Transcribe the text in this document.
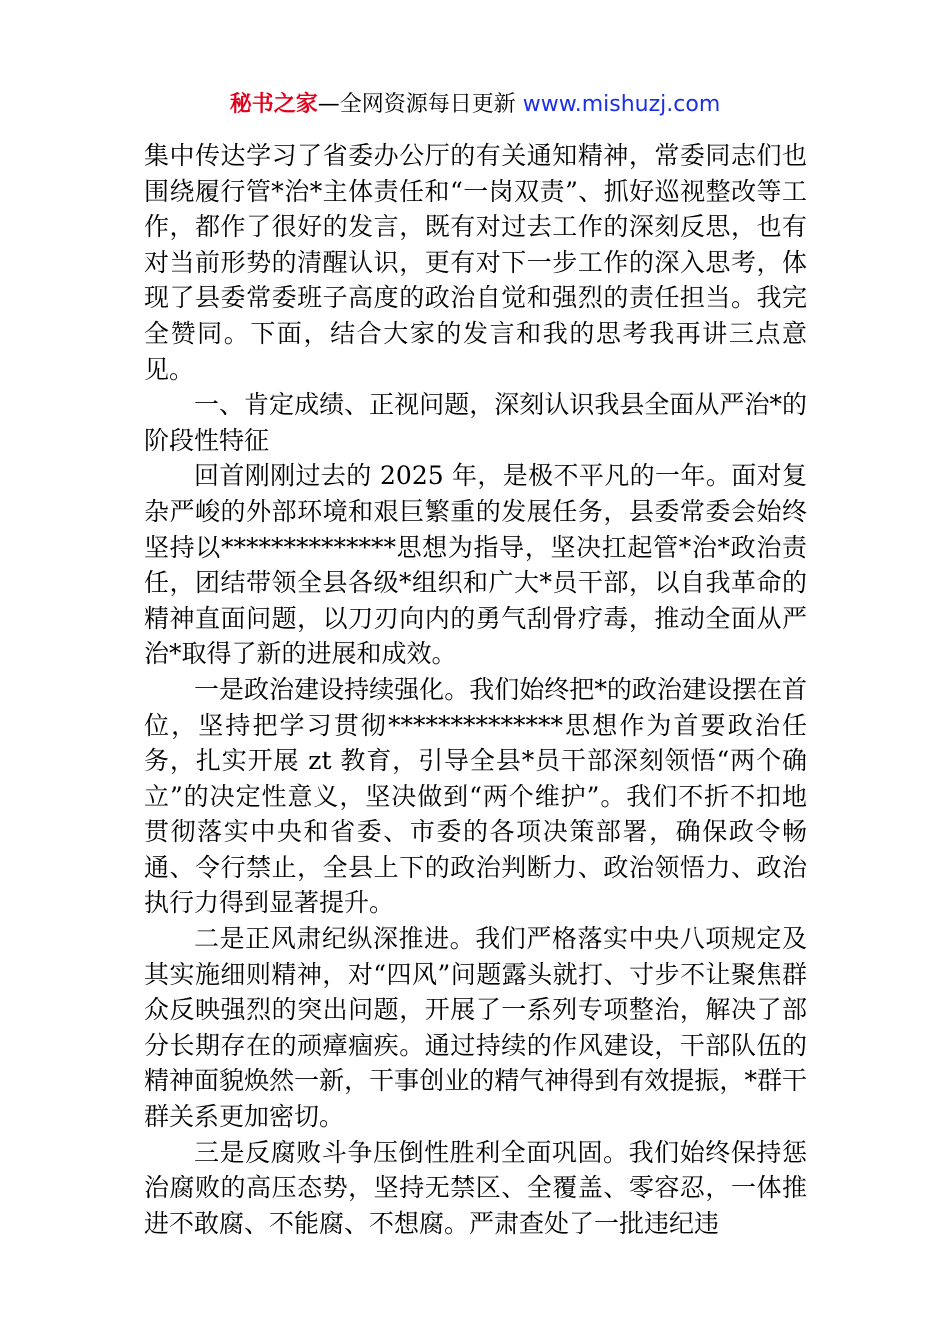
秘书之家—全网资源每日更新 www.mishuzj.com

集中传达学习了省委办公厅的有关通知精神，常委同志们也围绕履行管*治*主体责任和“一岗双责”、抓好巡视整改等工作，都作了很好的发言，既有对过去工作的深刻反思，也有对当前形势的清醒认识，更有对下一步工作的深入思考，体现了县委常委班子高度的政治自觉和强烈的责任担当。我完全赞同。下面，结合大家的发言和我的思考我再讲三点意见。

一、肯定成绩、正视问题，深刻认识我县全面从严治*的阶段性特征

回首刚刚过去的 2025 年，是极不平凡的一年。面对复杂严峻的外部环境和艰巨繁重的发展任务，县委常委会始终坚持以**************思想为指导，坚决扛起管*治*政治责任，团结带领全县各级*组织和广大*员干部，以自我革命的精神直面问题，以刀刃向内的勇气刮骨疗毒，推动全面从严治*取得了新的进展和成效。

一是政治建设持续强化。我们始终把*的政治建设摆在首位，坚持把学习贯彻**************思想作为首要政治任务，扎实开展 zt 教育，引导全县*员干部深刻领悟“两个确立”的决定性意义，坚决做到“两个维护”。我们不折不扣地贯彻落实中央和省委、市委的各项决策部署，确保政令畅通、令行禁止，全县上下的政治判断力、政治领悟力、政治执行力得到显著提升。

二是正风肃纪纵深推进。我们严格落实中央八项规定及其实施细则精神，对“四风”问题露头就打、寸步不让聚焦群众反映强烈的突出问题，开展了一系列专项整治，解决了部分长期存在的顽瘴痼疾。通过持续的作风建设，干部队伍的精神面貌焕然一新，干事创业的精气神得到有效提振，*群干群关系更加密切。

三是反腐败斗争压倒性胜利全面巩固。我们始终保持惩治腐败的高压态势，坚持无禁区、全覆盖、零容忍，一体推进不敢腐、不能腐、不想腐。严肃查处了一批违纪违
